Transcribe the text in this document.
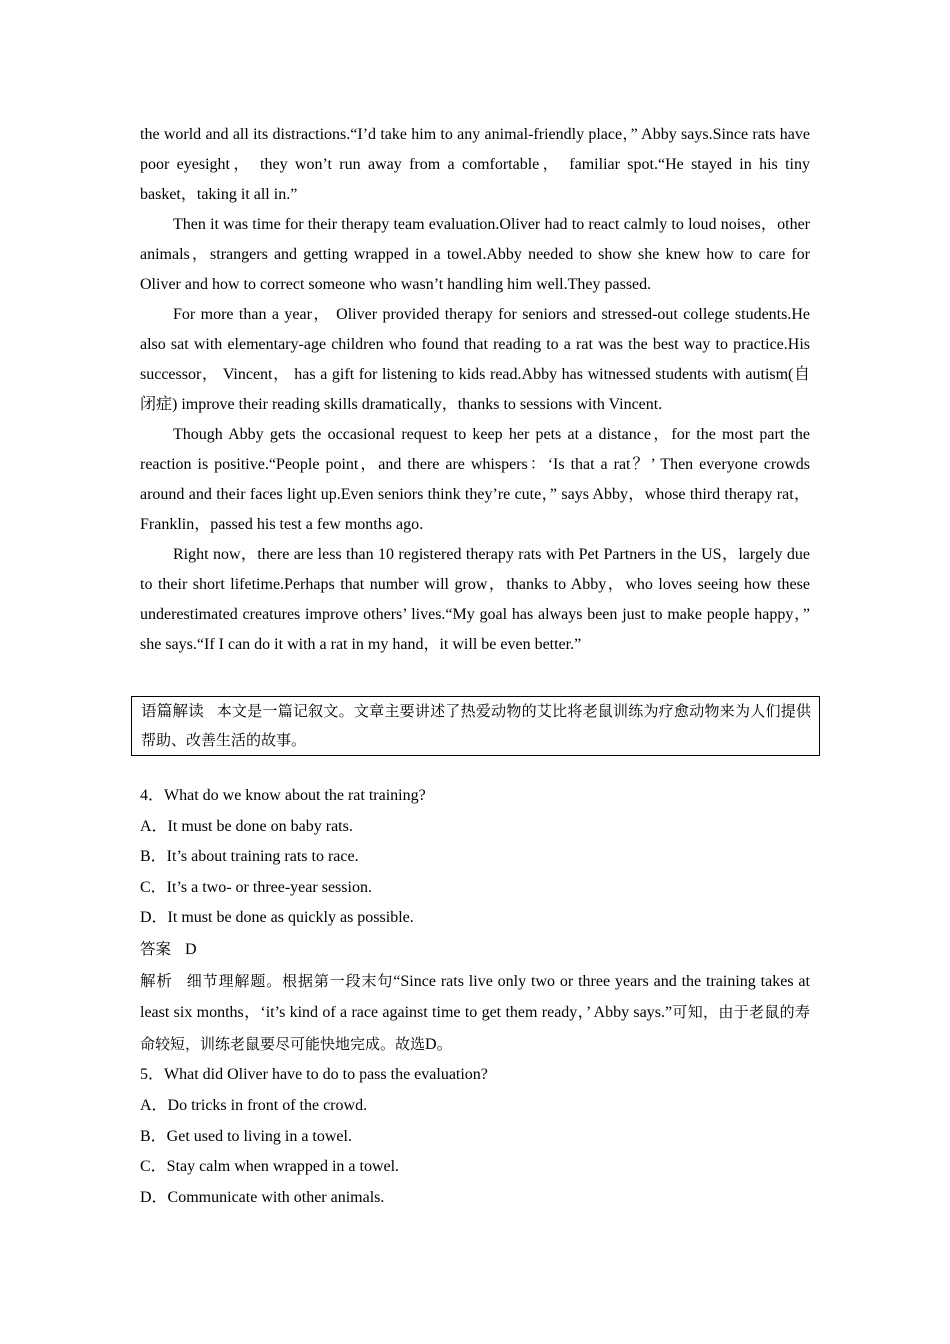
the world and all its distractions.“I’d take him to any animal-friendly place，” Abby says.Since rats have poor eyesight， they won’t run away from a comfortable， familiar spot.“He stayed in his tiny basket，taking it all in.”

Then it was time for their therapy team evaluation.Oliver had to react calmly to loud noises，other animals，strangers and getting wrapped in a towel.Abby needed to show she knew how to care for Oliver and how to correct someone who wasn’t handling him well.They passed.

For more than a year， Oliver provided therapy for seniors and stressed-out college students.He also sat with elementary-age children who found that reading to a rat was the best way to practice.His successor， Vincent， has a gift for listening to kids read.Abby has witnessed students with autism(自闭症) improve their reading skills dramatically，thanks to sessions with Vincent.

Though Abby gets the occasional request to keep her pets at a distance，for the most part the reaction is positive.“People point，and there are whispers：‘Is that a rat？’ Then everyone crowds around and their faces light up.Even seniors think they’re cute，” says Abby，whose third therapy rat，Franklin，passed his test a few months ago.

Right now，there are less than 10 registered therapy rats with Pet Partners in the US，largely due to their short lifetime.Perhaps that number will grow，thanks to Abby，who loves seeing how these underestimated creatures improve others’ lives.“My goal has always been just to make people happy，” she says.“If I can do it with a rat in my hand，it will be even better.”

语篇解读 本文是一篇记叙文。文章主要讲述了热爱动物的艾比将老鼠训练为疗愈动物来为人们提供帮助、改善生活的故事。

4．What do we know about the rat training?

A．It must be done on baby rats.

B．It’s about training rats to race.

C．It’s a two- or three-year session.

D．It must be done as quickly as possible.

答案 D

解析 细节理解题。根据第一段末句“Since rats live only two or three years and the training takes at least six months，‘it’s kind of a race against time to get them ready，’ Abby says.”可知，由于老鼠的寿命较短，训练老鼠要尽可能快地完成。故选D。

5．What did Oliver have to do to pass the evaluation?

A．Do tricks in front of the crowd.

B．Get used to living in a towel.

C．Stay calm when wrapped in a towel.

D．Communicate with other animals.
